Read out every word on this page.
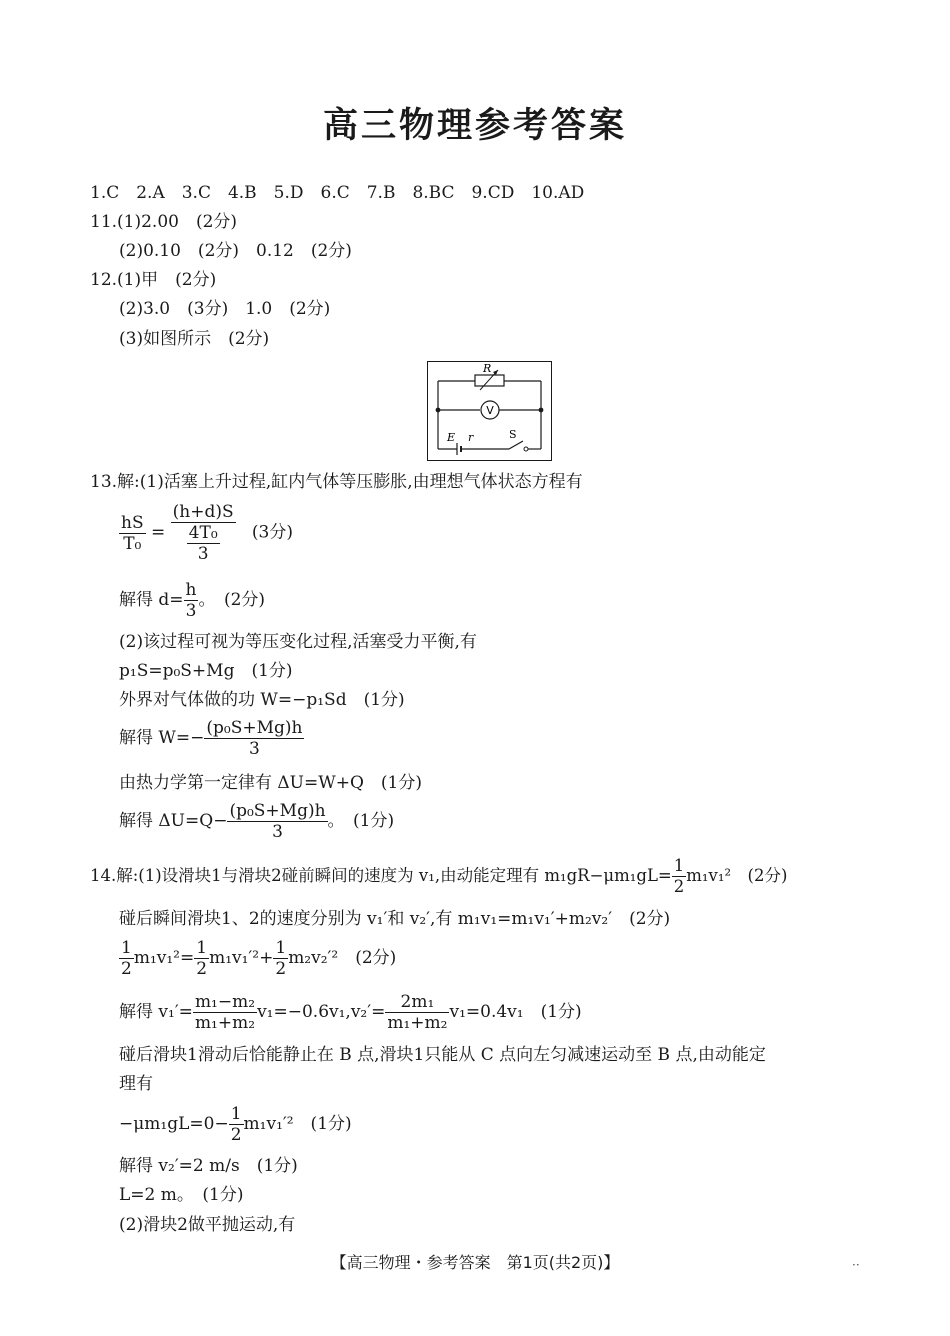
高三物理参考答案
1.C　2.A　3.C　4.B　5.D　6.C　7.B　8.BC　9.CD　10.AD
11.(1)2.00　(2分)
(2)0.10　(2分)　0.12　(2分)
12.(1)甲　(2分)
(2)3.0　(3分)　1.0　(2分)
(3)如图所示　(2分)
R
V
E r	S
13.解:(1)活塞上升过程,缸内气体等压膨胀,由理想气体状态方程有
$\frac{hS}{\text{T₀}} = \frac{(h+d)S}{\frac{\text{4T₀}}{3}} (3$分)
解得 $d= \frac{h}{3}$ 。　(2分)
(2)该过程可视为等压变化过程,活塞受力平衡,有
p₁S=p₀S+Mg　(1分)
外界对气体做的功 W=−p₁Sd　(1分)
解得 $W=- \frac{\text{(p₀S+Mg)h}}{3}$
由热力学第一定律有 ΔU=W+Q　(1分)
解得 $\Delta U=Q- \frac{\text{(p₀S+Mg)h}}{3}$ 。　(1分)
14.解:(1)设滑块1与滑块2碰前瞬间的速度为 v₁,由动能定理有 $m_1gR-\mu m_1gL= \frac{1}{2} m_1v_1^2$　(2分)
碰后瞬间滑块1、2的速度分别为 v₁′和 v₂′,有 m₁v₁=m₁v₁′+m₂v₂′　(2分)
$\frac{1}{2} m_1v_1^2= \frac{1}{2} m_1v_1'^2+ \frac{1}{2} m_2v_2'^2$　(2分)
解得 $v_1'= \frac{\text{m₁−m₂}}{\text{m₁+m₂}} v_1=-0.6v_1,v_2'= \frac{\text{2m₁}}{\text{m₁+m₂}} v_1=0.4v_1$　(1分)
碰后滑块1滑动后恰能静止在 B 点,滑块1只能从 C 点向左匀减速运动至 B 点,由动能定
理有
$-\mu m_1gL=0- \frac{1}{2} m_1v_1'^2$　(1分)
解得 v₂′=2 m/s　(1分)
L=2 m。　(1分)
(2)滑块2做平抛运动,有
【高三物理・参考答案　第1页(共2页)】	··
